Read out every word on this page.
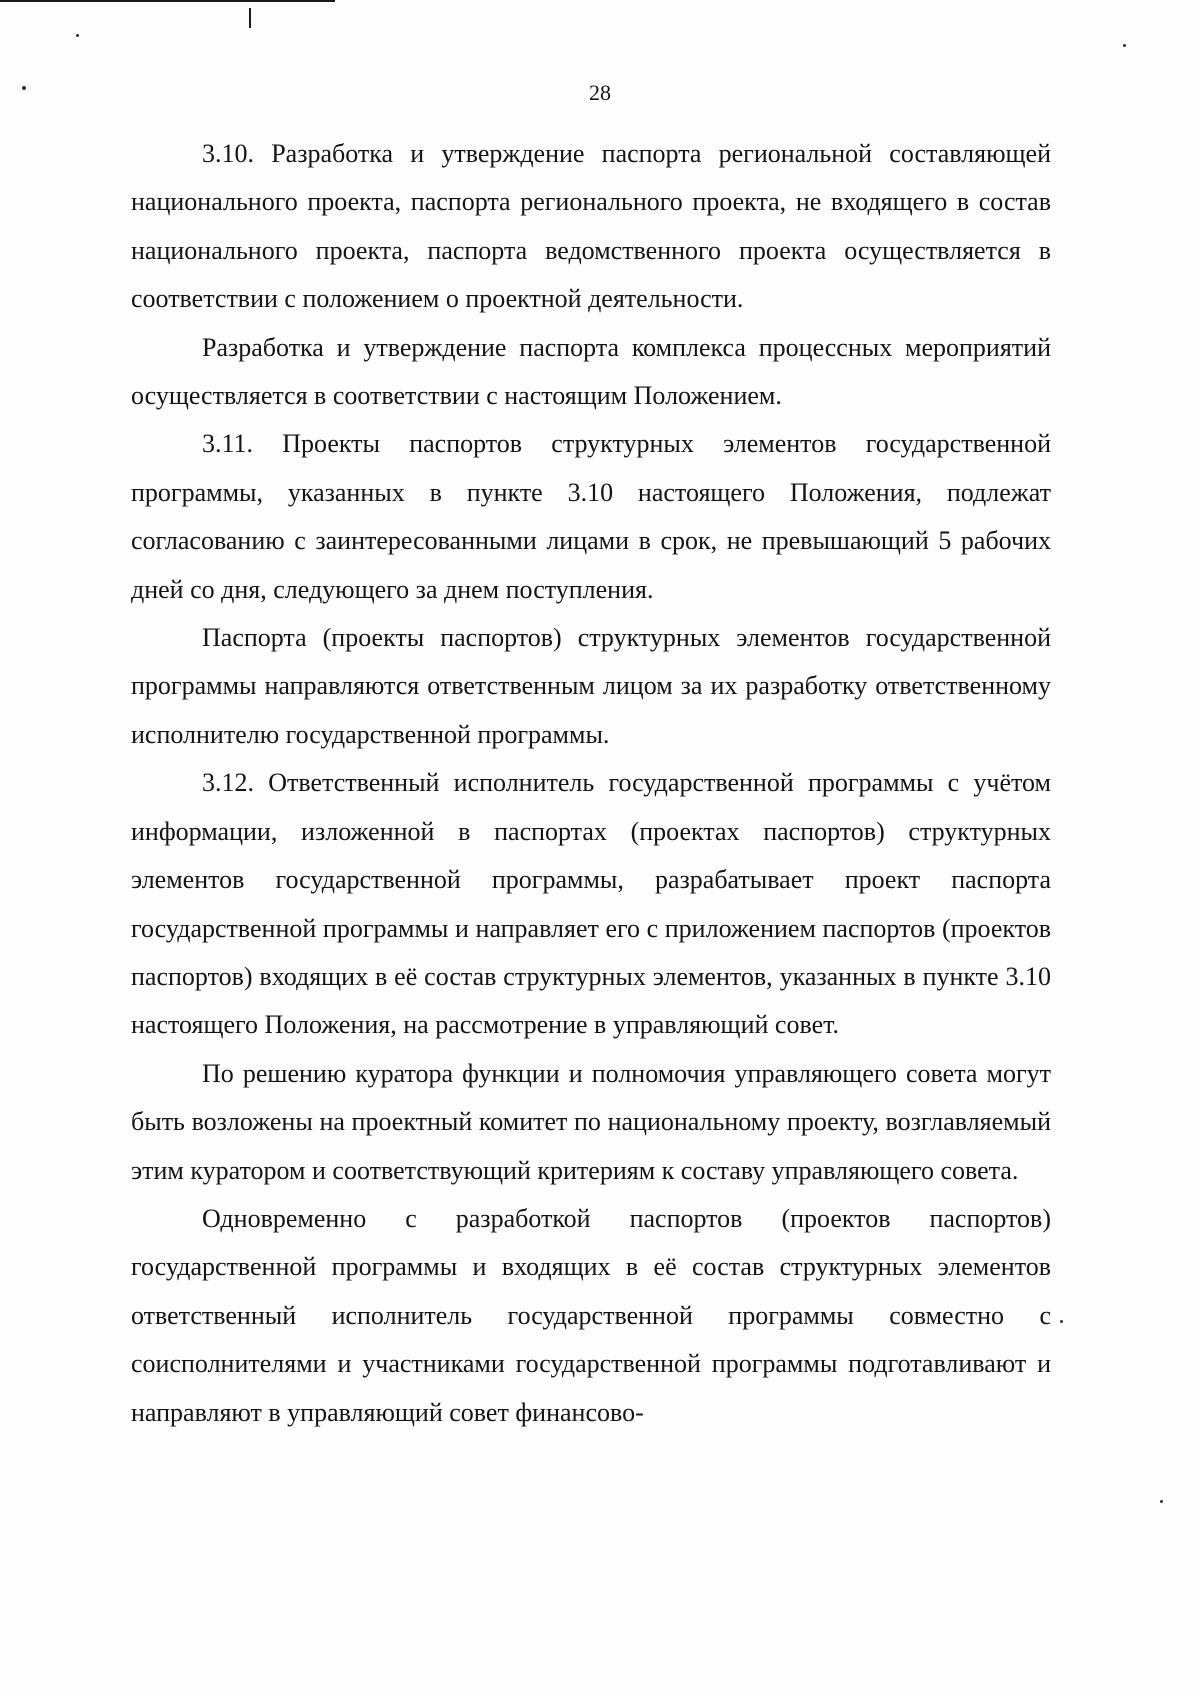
28

3.10. Разработка и утверждение паспорта региональной составляющей национального проекта, паспорта регионального проекта, не входящего в состав национального проекта, паспорта ведомственного проекта осуществляется в соответствии с положением о проектной деятельности.

Разработка и утверждение паспорта комплекса процессных мероприятий осуществляется в соответствии с настоящим Положением.

3.11. Проекты паспортов структурных элементов государственной программы, указанных в пункте 3.10 настоящего Положения, подлежат согласованию с заинтересованными лицами в срок, не превышающий 5 рабочих дней со дня, следующего за днем поступления.

Паспорта (проекты паспортов) структурных элементов государственной программы направляются ответственным лицом за их разработку ответственному исполнителю государственной программы.

3.12. Ответственный исполнитель государственной программы с учётом информации, изложенной в паспортах (проектах паспортов) структурных элементов государственной программы, разрабатывает проект паспорта государственной программы и направляет его с приложением паспортов (проектов паспортов) входящих в её состав структурных элементов, указанных в пункте 3.10 настоящего Положения, на рассмотрение в управляющий совет.

По решению куратора функции и полномочия управляющего совета могут быть возложены на проектный комитет по национальному проекту, возглавляемый этим куратором и соответствующий критериям к составу управляющего совета.

Одновременно с разработкой паспортов (проектов паспортов) государственной программы и входящих в её состав структурных элементов ответственный исполнитель государственной программы совместно с соисполнителями и участниками государственной программы подготавливают и направляют в управляющий совет финансово-
